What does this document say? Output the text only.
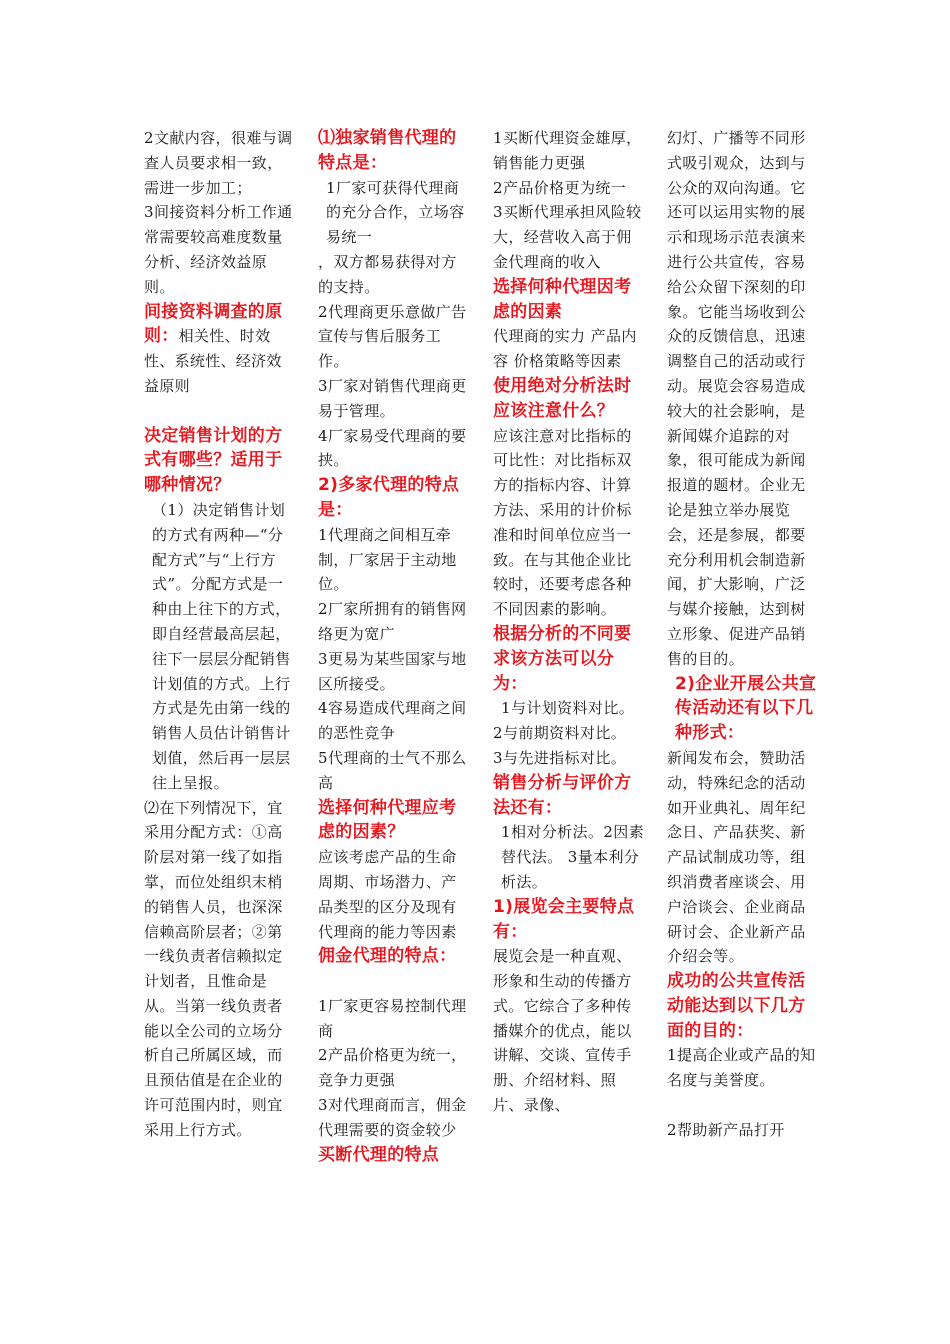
2文献内容，很难与调查人员要求相一致，需进一步加工；

3间接资料分析工作通常需要较高难度数量分析、经济效益原则。

间接资料调查的原则：相关性、时效性、系统性、经济效益原则

决定销售计划的方式有哪些？适用于哪种情况？

（1）决定销售计划的方式有两种—“分配方式”与“上行方式”。分配方式是一种由上往下的方式，即自经营最高层起，往下一层层分配销售计划值的方式。上行方式是先由第一线的销售人员估计销售计划值，然后再一层层往上呈报。

⑵在下列情况下，宜采用分配方式：①高阶层对第一线了如指掌，而位处组织末梢的销售人员，也深深信赖高阶层者；②第一线负责者信赖拟定计划者，且惟命是从。当第一线负责者能以全公司的立场分析自己所属区域，而且预估值是在企业的许可范围内时，则宜采用上行方式。

⑴独家销售代理的特点是：

1厂家可获得代理商的充分合作，立场容易统一

，双方都易获得对方的支持。

2代理商更乐意做广告宣传与售后服务工作。

3厂家对销售代理商更易于管理。

4厂家易受代理商的要挟。

2)多家代理的特点是：

1代理商之间相互牵制，厂家居于主动地位。

2厂家所拥有的销售网络更为宽广

3更易为某些国家与地区所接受。

4容易造成代理商之间的恶性竞争

5代理商的士气不那么高

选择何种代理应考虑的因素？

应该考虑产品的生命周期、市场潜力、产品类型的区分及现有代理商的能力等因素

佣金代理的特点：

1厂家更容易控制代理商

2产品价格更为统一，竞争力更强

3对代理商而言，佣金代理需要的资金较少

买断代理的特点

1买断代理资金雄厚，销售能力更强

2产品价格更为统一

3买断代理承担风险较大，经营收入高于佣金代理商的收入

选择何种代理因考虑的因素

代理商的实力 产品内容 价格策略等因素

使用绝对分析法时应该注意什么？

应该注意对比指标的可比性：对比指标双方的指标内容、计算方法、采用的计价标准和时间单位应当一致。在与其他企业比较时，还要考虑各种不同因素的影响。

根据分析的不同要求该方法可以分为：

1与计划资料对比。

2与前期资料对比。

3与先进指标对比。

销售分析与评价方法还有：

1相对分析法。2因素替代法。 3量本利分析法。

1)展览会主要特点有：

展览会是一种直观、形象和生动的传播方式。它综合了多种传播媒介的优点，能以讲解、交谈、宣传手册、介绍材料、照片、录像、

幻灯、广播等不同形式吸引观众，达到与公众的双向沟通。它还可以运用实物的展示和现场示范表演来进行公共宣传，容易给公众留下深刻的印象。它能当场收到公众的反馈信息，迅速调整自己的活动或行动。展览会容易造成较大的社会影响，是新闻媒介追踪的对象，很可能成为新闻报道的题材。企业无论是独立举办展览会，还是参展，都要充分利用机会制造新闻，扩大影响，广泛与媒介接触，达到树立形象、促进产品销售的目的。

2)企业开展公共宣传活动还有以下几种形式：

新闻发布会，赞助活动，特殊纪念的活动如开业典礼、周年纪念日、产品获奖、新产品试制成功等，组织消费者座谈会、用户洽谈会、企业商品研讨会、企业新产品介绍会等。

成功的公共宣传活动能达到以下几方面的目的：

1提高企业或产品的知名度与美誉度。

2帮助新产品打开
